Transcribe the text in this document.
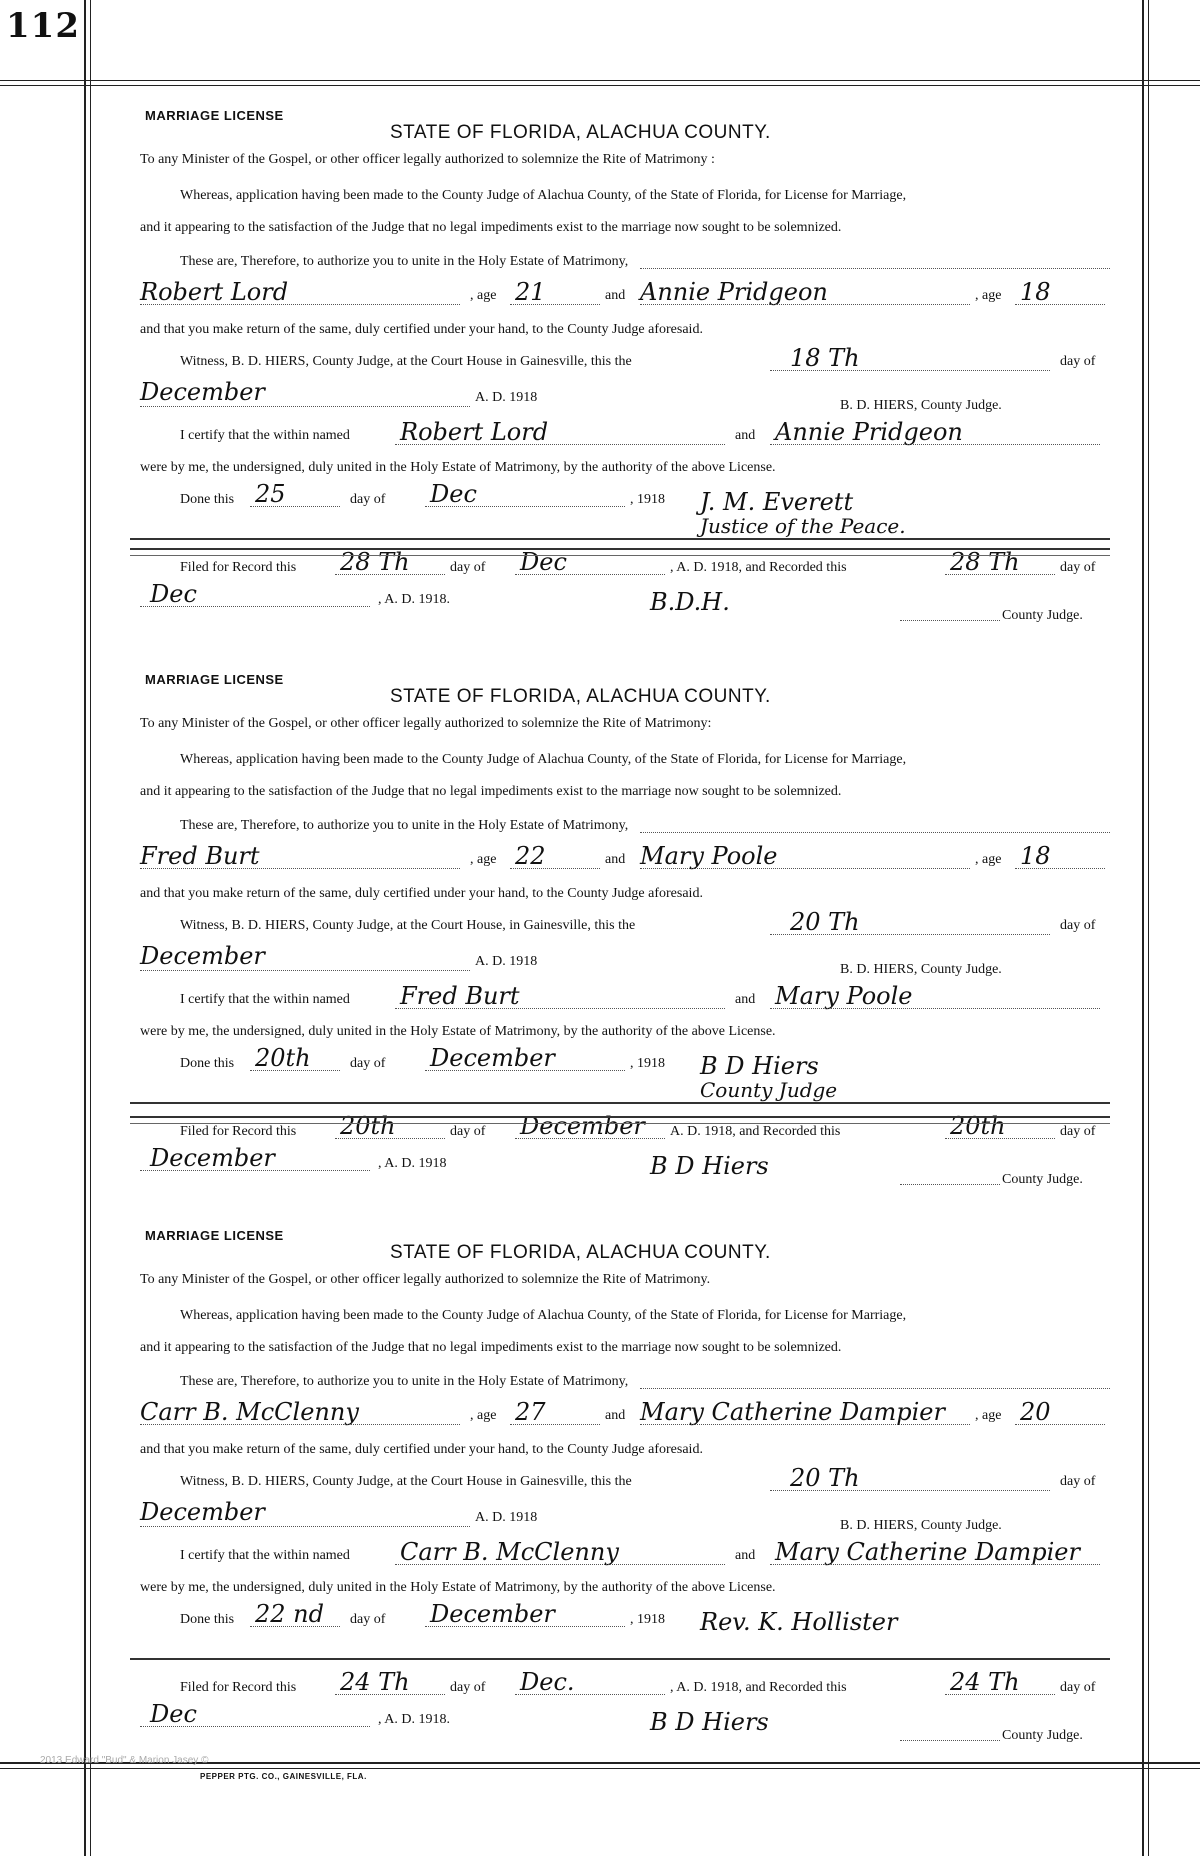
112
MARRIAGE LICENSE
STATE OF FLORIDA, ALACHUA COUNTY.
To any Minister of the Gospel, or other officer legally authorized to solemnize the Rite of Matrimony :
Whereas, application having been made to the County Judge of Alachua County, of the State of Florida, for License for Marriage,
and it appearing to the satisfaction of the Judge that no legal impediments exist to the marriage now sought to be solemnized.
These are, Therefore, to authorize you to unite in the Holy Estate of Matrimony,
Robert Lord	, age 21	and Annie Pridgeon	, age 18
and that you make return of the same, duly certified under your hand, to the County Judge aforesaid.
Witness, B. D. HIERS, County Judge, at the Court House in Gainesville, this the	18 Th	day of
December	A. D. 1918
B. D. HIERS, County Judge.
I certify that the within named Robert Lord	and Annie Pridgeon
were by me, the undersigned, duly united in the Holy Estate of Matrimony, by the authority of the above License.
Done this 25	day of Dec	, 1918 J. M. Everett
Justice of the Peace.
Filed for Record this 28 Th	day of Dec	, A. D. 1918, and Recorded this	28 Th	day of
Dec	, A. D. 1918.	B.D.H.	County Judge.
MARRIAGE LICENSE
STATE OF FLORIDA, ALACHUA COUNTY.
To any Minister of the Gospel, or other officer legally authorized to solemnize the Rite of Matrimony:
Whereas, application having been made to the County Judge of Alachua County, of the State of Florida, for License for Marriage,
and it appearing to the satisfaction of the Judge that no legal impediments exist to the marriage now sought to be solemnized.
These are, Therefore, to authorize you to unite in the Holy Estate of Matrimony,
Fred Burt	, age 22	and Mary Poole	, age 18
and that you make return of the same, duly certified under your hand, to the County Judge aforesaid.
Witness, B. D. HIERS, County Judge, at the Court House, in Gainesville, this the	20 Th	day of
December	A. D. 1918
B. D. HIERS, County Judge.
I certify that the within named Fred Burt	and Mary Poole
were by me, the undersigned, duly united in the Holy Estate of Matrimony, by the authority of the above License.
Done this 20th	day of December	, 1918 B D Hiers
County Judge
Filed for Record this 20th	day of December A. D. 1918, and Recorded this	20th	day of
December	, A. D. 1918	B D Hiers	County Judge.
MARRIAGE LICENSE
STATE OF FLORIDA, ALACHUA COUNTY.
To any Minister of the Gospel, or other officer legally authorized to solemnize the Rite of Matrimony.
Whereas, application having been made to the County Judge of Alachua County, of the State of Florida, for License for Marriage,
and it appearing to the satisfaction of the Judge that no legal impediments exist to the marriage now sought to be solemnized.
These are, Therefore, to authorize you to unite in the Holy Estate of Matrimony,
Carr B. McClenny	, age 27	and Mary Catherine Dampier , age 20
and that you make return of the same, duly certified under your hand, to the County Judge aforesaid.
Witness, B. D. HIERS, County Judge, at the Court House in Gainesville, this the	20 Th	day of
December	A. D. 1918
B. D. HIERS, County Judge.
I certify that the within named Carr B. McClenny	and Mary Catherine Dampier
were by me, the undersigned, duly united in the Holy Estate of Matrimony, by the authority of the above License.
Done this 22 nd day of December	, 1918 Rev. K. Hollister
Filed for Record this 24 Th	day of Dec.	, A. D. 1918, and Recorded this	24 Th	day of
Dec	, A. D. 1918.	B D Hiers	County Judge.
2013 Edward "Bud" & Marion Jasey ©
PEPPER PTG. CO., GAINESVILLE, FLA.
